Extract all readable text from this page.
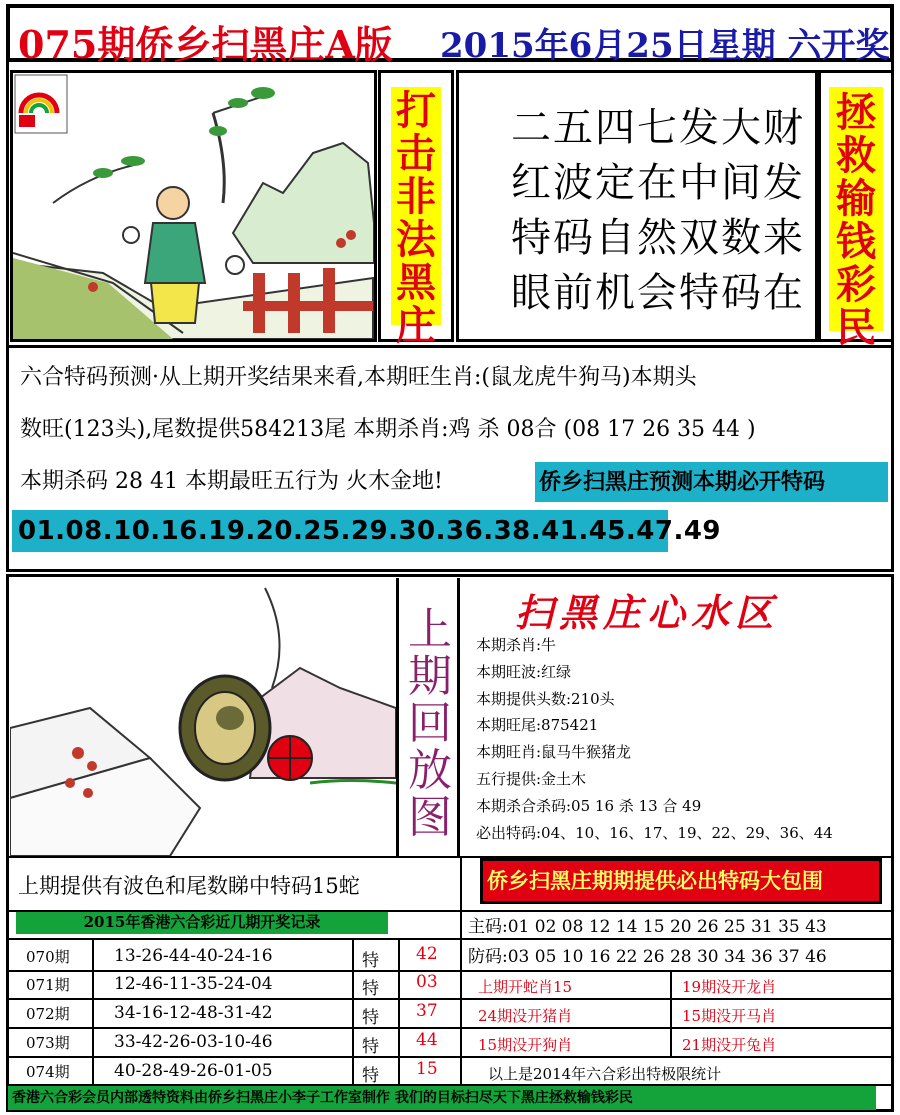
075期侨乡扫黑庄A版 2015年6月25日星期 六开奖
打击非法黑庄
二五四七发大财
红波定在中间发
特码自然双数来
眼前机会特码在
拯救输钱彩民
六合特码预测·从上期开奖结果来看,本期旺生肖:(鼠龙虎牛狗马)本期头
数旺(123头),尾数提供584213尾 本期杀肖:鸡 杀 08合 (08 17 26 35 44 )
本期杀码 28 41 本期最旺五行为 火木金地!	侨乡扫黑庄预测本期必开特码
01.08.10.16.19.20.25.29.30.36.38.41.45.47.49
上期回放图
扫黑庄心水区
本期杀肖:牛
本期旺波:红绿
本期提供头数:210头
本期旺尾:875421
本期旺肖:鼠马牛猴猪龙
五行提供:金土木
本期杀合杀码:05 16 杀 13 合 49
必出特码:04、10、16、17、19、22、29、36、44
上期提供有波色和尾数睇中特码15蛇	侨乡扫黑庄期期提供必出特码大包围
2015年香港六合彩近几期开奖记录
070期	13-26-44-40-24-16	特 42
071期	12-46-11-35-24-04	特 03
072期	34-16-12-48-31-42	特 37
073期	33-42-26-03-10-46	特 44
074期	40-28-49-26-01-05	特 15
主码:01 02 08 12 14 15 20 26 25 31 35 43
防码:03 05 10 16 22 26 28 30 34 36 37 46
上期开蛇肖15	19期没开龙肖
24期没开猪肖	15期没开马肖
15期没开狗肖	21期没开兔肖
以上是2014年六合彩出特极限统计
香港六合彩会员内部透特资料由侨乡扫黑庄小李子工作室制作 我们的目标扫尽天下黑庄拯救输钱彩民
